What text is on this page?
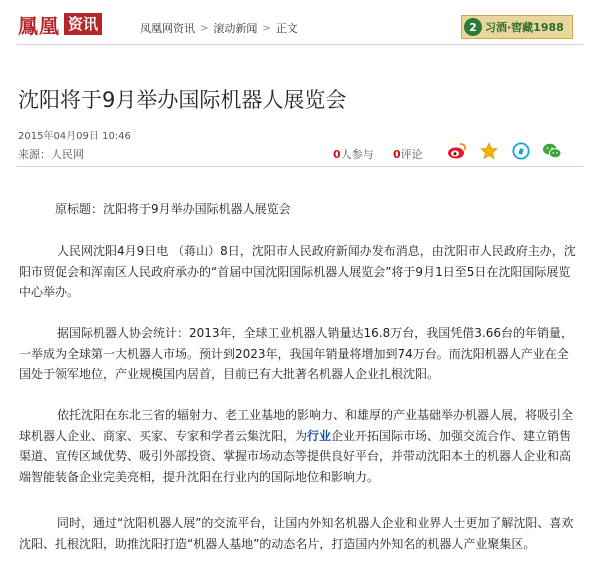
鳳凰 资讯	凤凰网资讯 > 滚动新闻 > 正文	2 习酒·窖藏1988
沈阳将于9月举办国际机器人展览会
2015年04月09日 10:46
来源：人民网	0人参与 0评论
原标题：沈阳将于9月举办国际机器人展览会
人民网沈阳4月9日电 （蒋山）8日，沈阳市人民政府新闻办发布消息，由沈阳市人民政府主办，沈阳市贸促会和浑南区人民政府承办的“首届中国沈阳国际机器人展览会”将于9月1日至5日在沈阳国际展览中心举办。
据国际机器人协会统计：2013年，全球工业机器人销量达16.8万台，我国凭借3.66台的年销量，一举成为全球第一大机器人市场。预计到2023年，我国年销量将增加到74万台。而沈阳机器人产业在全国处于领军地位，产业规模国内居首，目前已有大批著名机器人企业扎根沈阳。
依托沈阳在东北三省的辐射力、老工业基地的影响力、和雄厚的产业基础举办机器人展，将吸引全球机器人企业、商家、买家、专家和学者云集沈阳，为行业企业开拓国际市场、加强交流合作、建立销售渠道、宣传区域优势、吸引外部投资、掌握市场动态等提供良好平台，并带动沈阳本土的机器人企业和高端智能装备企业完美亮相，提升沈阳在行业内的国际地位和影响力。
同时，通过“沈阳机器人展”的交流平台，让国内外知名机器人企业和业界人士更加了解沈阳、喜欢沈阳、扎根沈阳，助推沈阳打造“机器人基地”的动态名片，打造国内外知名的机器人产业聚集区。
